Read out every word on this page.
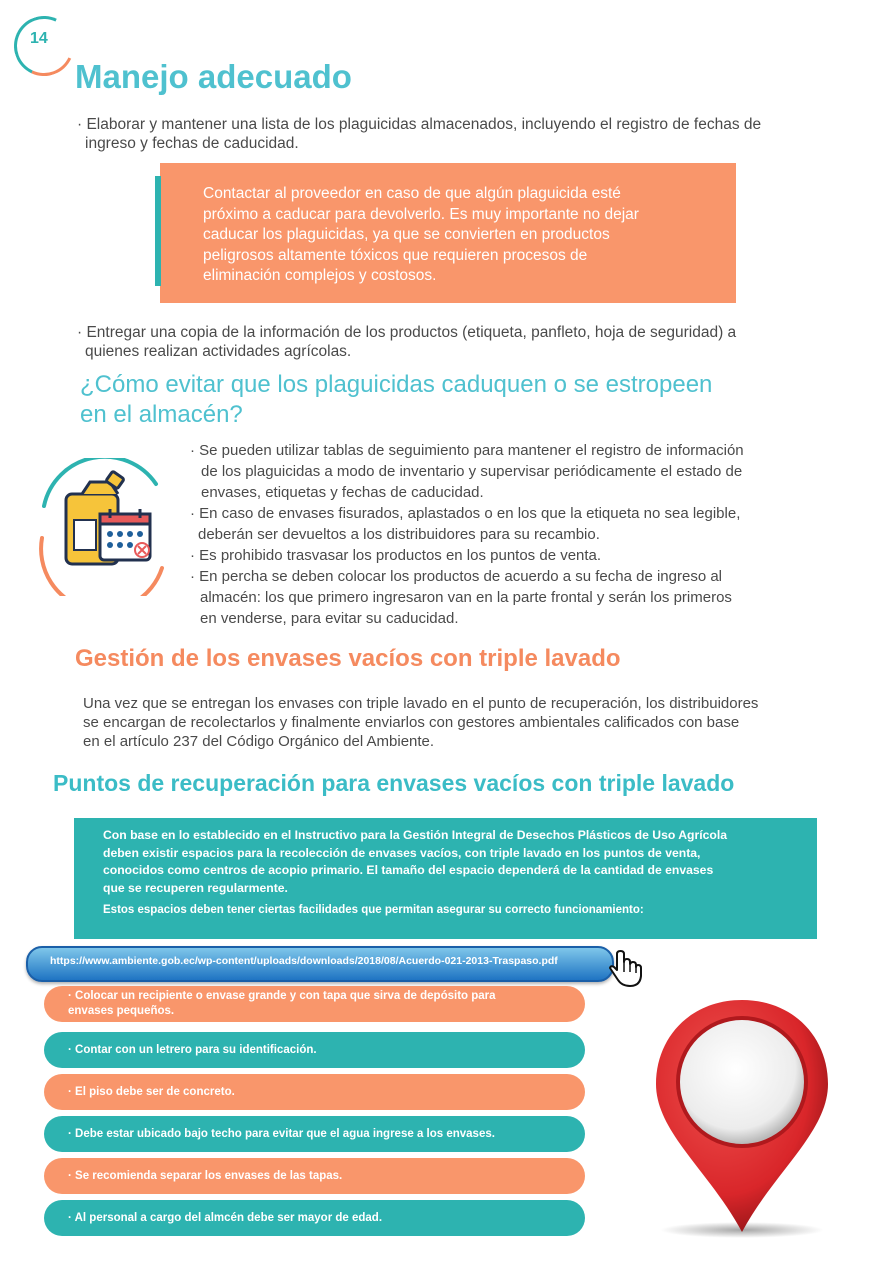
14
Manejo adecuado
· Elaborar y mantener una lista de los plaguicidas almacenados, incluyendo el registro de fechas de
ingreso y fechas de caducidad.
Contactar al proveedor en caso de que algún plaguicida esté
próximo a caducar para devolverlo. Es muy importante no dejar
caducar los plaguicidas, ya que se convierten en productos
peligrosos altamente tóxicos que requieren procesos de
eliminación complejos y costosos.
· Entregar una copia de la información de los productos (etiqueta, panfleto, hoja de seguridad) a
quienes realizan actividades agrícolas.
¿Cómo evitar que los plaguicidas caduquen o se estropeen
en el almacén?
· Se pueden utilizar tablas de seguimiento para mantener el registro de información
de los plaguicidas a modo de inventario y supervisar periódicamente el estado de
envases, etiquetas y fechas de caducidad.
· En caso de envases fisurados, aplastados o en los que la etiqueta no sea legible,
deberán ser devueltos a los distribuidores para su recambio.
· Es prohibido trasvasar los productos en los puntos de venta.
· En percha se deben colocar los productos de acuerdo a su fecha de ingreso al
almacén: los que primero ingresaron van en la parte frontal y serán los primeros
en venderse, para evitar su caducidad.
Gestión de los envases vacíos con triple lavado
Una vez que se entregan los envases con triple lavado en el punto de recuperación, los distribuidores
se encargan de recolectarlos y finalmente enviarlos con gestores ambientales calificados con base
en el artículo 237 del Código Orgánico del Ambiente.
Puntos de recuperación para envases vacíos con triple lavado
Con base en lo establecido en el Instructivo para la Gestión Integral de Desechos Plásticos de Uso Agrícola
deben existir espacios para la recolección de envases vacíos, con triple lavado en los puntos de venta,
conocidos como centros de acopio primario. El tamaño del espacio dependerá de la cantidad de envases
que se recuperen regularmente.
Estos espacios deben tener ciertas facilidades que permitan asegurar su correcto funcionamiento:
https://www.ambiente.gob.ec/wp-content/uploads/downloads/2018/08/Acuerdo-021-2013-Traspaso.pdf
· Colocar un recipiente o envase grande y con tapa que sirva de depósito para
envases pequeños.
· Contar con un letrero para su identificación.
· El piso debe ser de concreto.
· Debe estar ubicado bajo techo para evitar que el agua ingrese a los envases.
· Se recomienda separar los envases de las tapas.
· Al personal a cargo del almcén debe ser mayor de edad.
